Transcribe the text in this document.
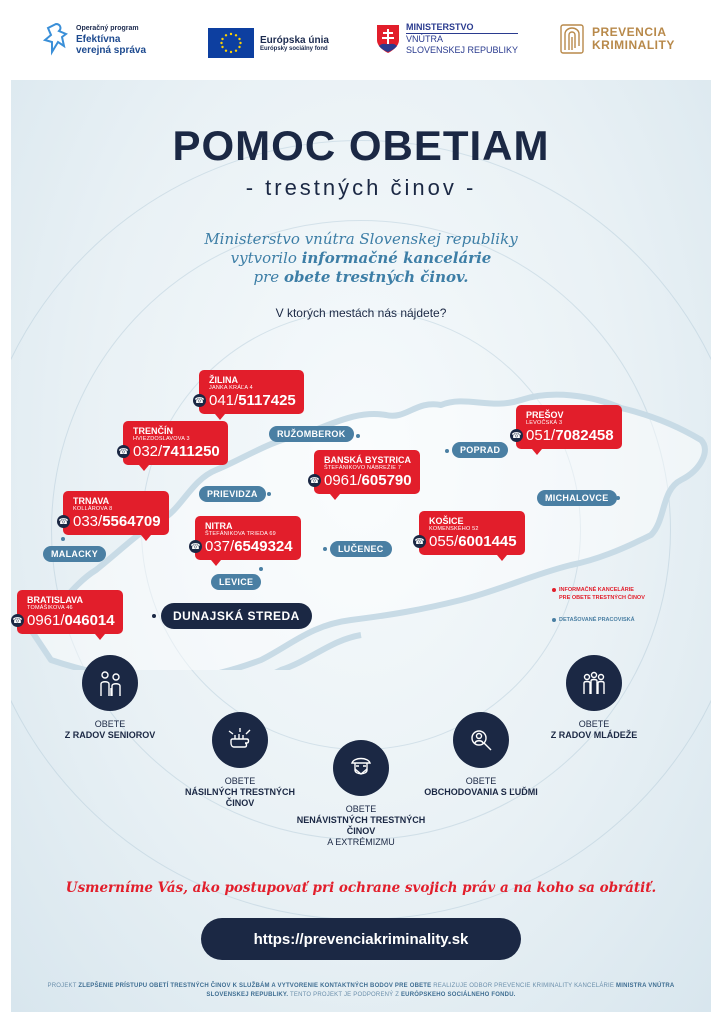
Operačný program
Efektívna
verejná správa
Európska únia
Európsky sociálny fond
MINISTERSTVO
VNÚTRA
SLOVENSKEJ REPUBLIKY
PREVENCIA
KRIMINALITY
POMOC OBETIAM
- trestných činov -
Ministerstvo vnútra Slovenskej republiky
vytvorilo informačné kancelárie
pre obete trestných činov.
V ktorých mestách nás nájdete?
ŽILINA
JANKA KRÁĽA 4
☎ 041/ 5117425
TRENČÍN
HVIEZDOSLAVOVA 3
☎ 032/ 7411250
TRNAVA
KOLLÁROVA 8
☎ 033/ 5564709	NITRA
ŠTEFÁNIKOVA TRIEDA 69
☎ 037/ 6549324
BANSKÁ BYSTRICA
ŠTEFÁNIKOVO NÁBREŽIE 7
☎ 0961/ 605790
PREŠOV
LEVOČSKÁ 3
☎ 051/ 7082458
KOŠICE
KOMENSKÉHO 52
☎ 055/ 6001445
BRATISLAVA
TOMÁŠIKOVA 46
☎ 0961/ 046014
RUŽOMBEROK
POPRAD
PRIEVIDZA	MICHALOVCE
LUČENEC
MALACKY
LEVICE
DUNAJSKÁ STREDA
INFORMAČNÉ KANCELÁRIE
PRE OBETE TRESTNÝCH ČINOV
DETAŠOVANÉ PRACOVISKÁ
OBETE
Z RADOV SENIOROV
OBETE
NÁSILNÝCH TRESTNÝCH ČINOV
OBETE
NENÁVISTNÝCH TRESTNÝCH ČINOV
A EXTRÉMIZMU
OBETE
OBCHODOVANIA S ĽUĎMI
OBETE
Z RADOV MLÁDEŽE
Usmerníme Vás, ako postupovať pri ochrane svojich práv a na koho sa obrátiť.
https://prevenciakriminality.sk
PROJEKT ZLEPŠENIE PRÍSTUPU OBETÍ TRESTNÝCH ČINOV K SLUŽBÁM A VYTVORENIE KONTAKTNÝCH BODOV PRE OBETE REALIZUJE ODBOR PREVENCIE KRIMINALITY KANCELÁRIE MINISTRA VNÚTRA SLOVENSKEJ REPUBLIKY. TENTO PROJEKT JE PODPORENÝ Z EURÓPSKEHO SOCIÁLNEHO FONDU.
